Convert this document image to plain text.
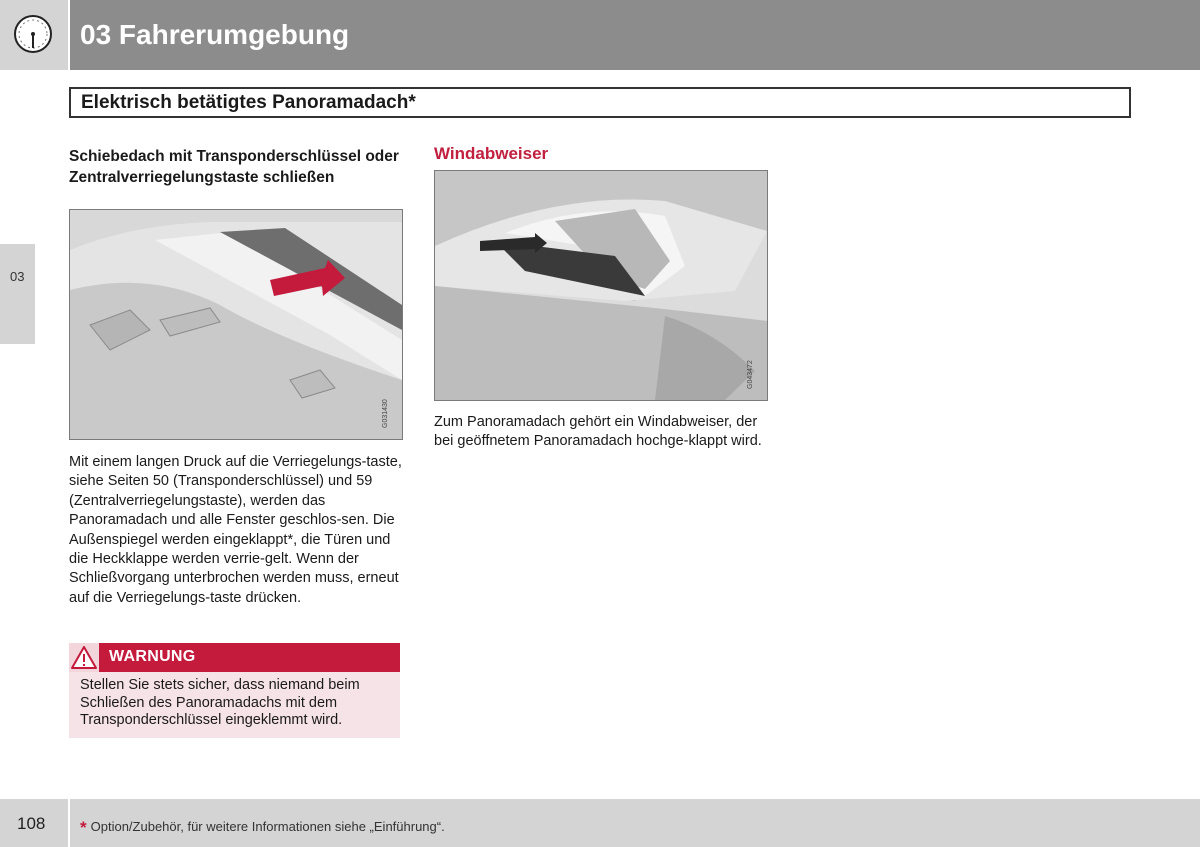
03 Fahrerumgebung
03
Elektrisch betätigtes Panoramadach*
Schiebedach mit Transponderschlüssel oder Zentralverriegelungstaste schließen
G031430

Mit einem langen Druck auf die Verriegelungs-taste, siehe Seiten 50 (Transponderschlüssel) und 59 (Zentralverriegelungstaste), werden das Panoramadach und alle Fenster geschlos-sen. Die Außenspiegel werden eingeklappt*, die Türen und die Heckklappe werden verrie-gelt. Wenn der Schließvorgang unterbrochen werden muss, erneut auf die Verriegelungs-taste drücken.

WARNUNG

Stellen Sie stets sicher, dass niemand beim Schließen des Panoramadachs mit dem Transponderschlüssel eingeklemmt wird.

Windabweiser
G043472

Zum Panoramadach gehört ein Windabweiser, der bei geöffnetem Panoramadach hochge-klappt wird.

108 * Option/Zubehör, für weitere Informationen siehe „Einführung“.
